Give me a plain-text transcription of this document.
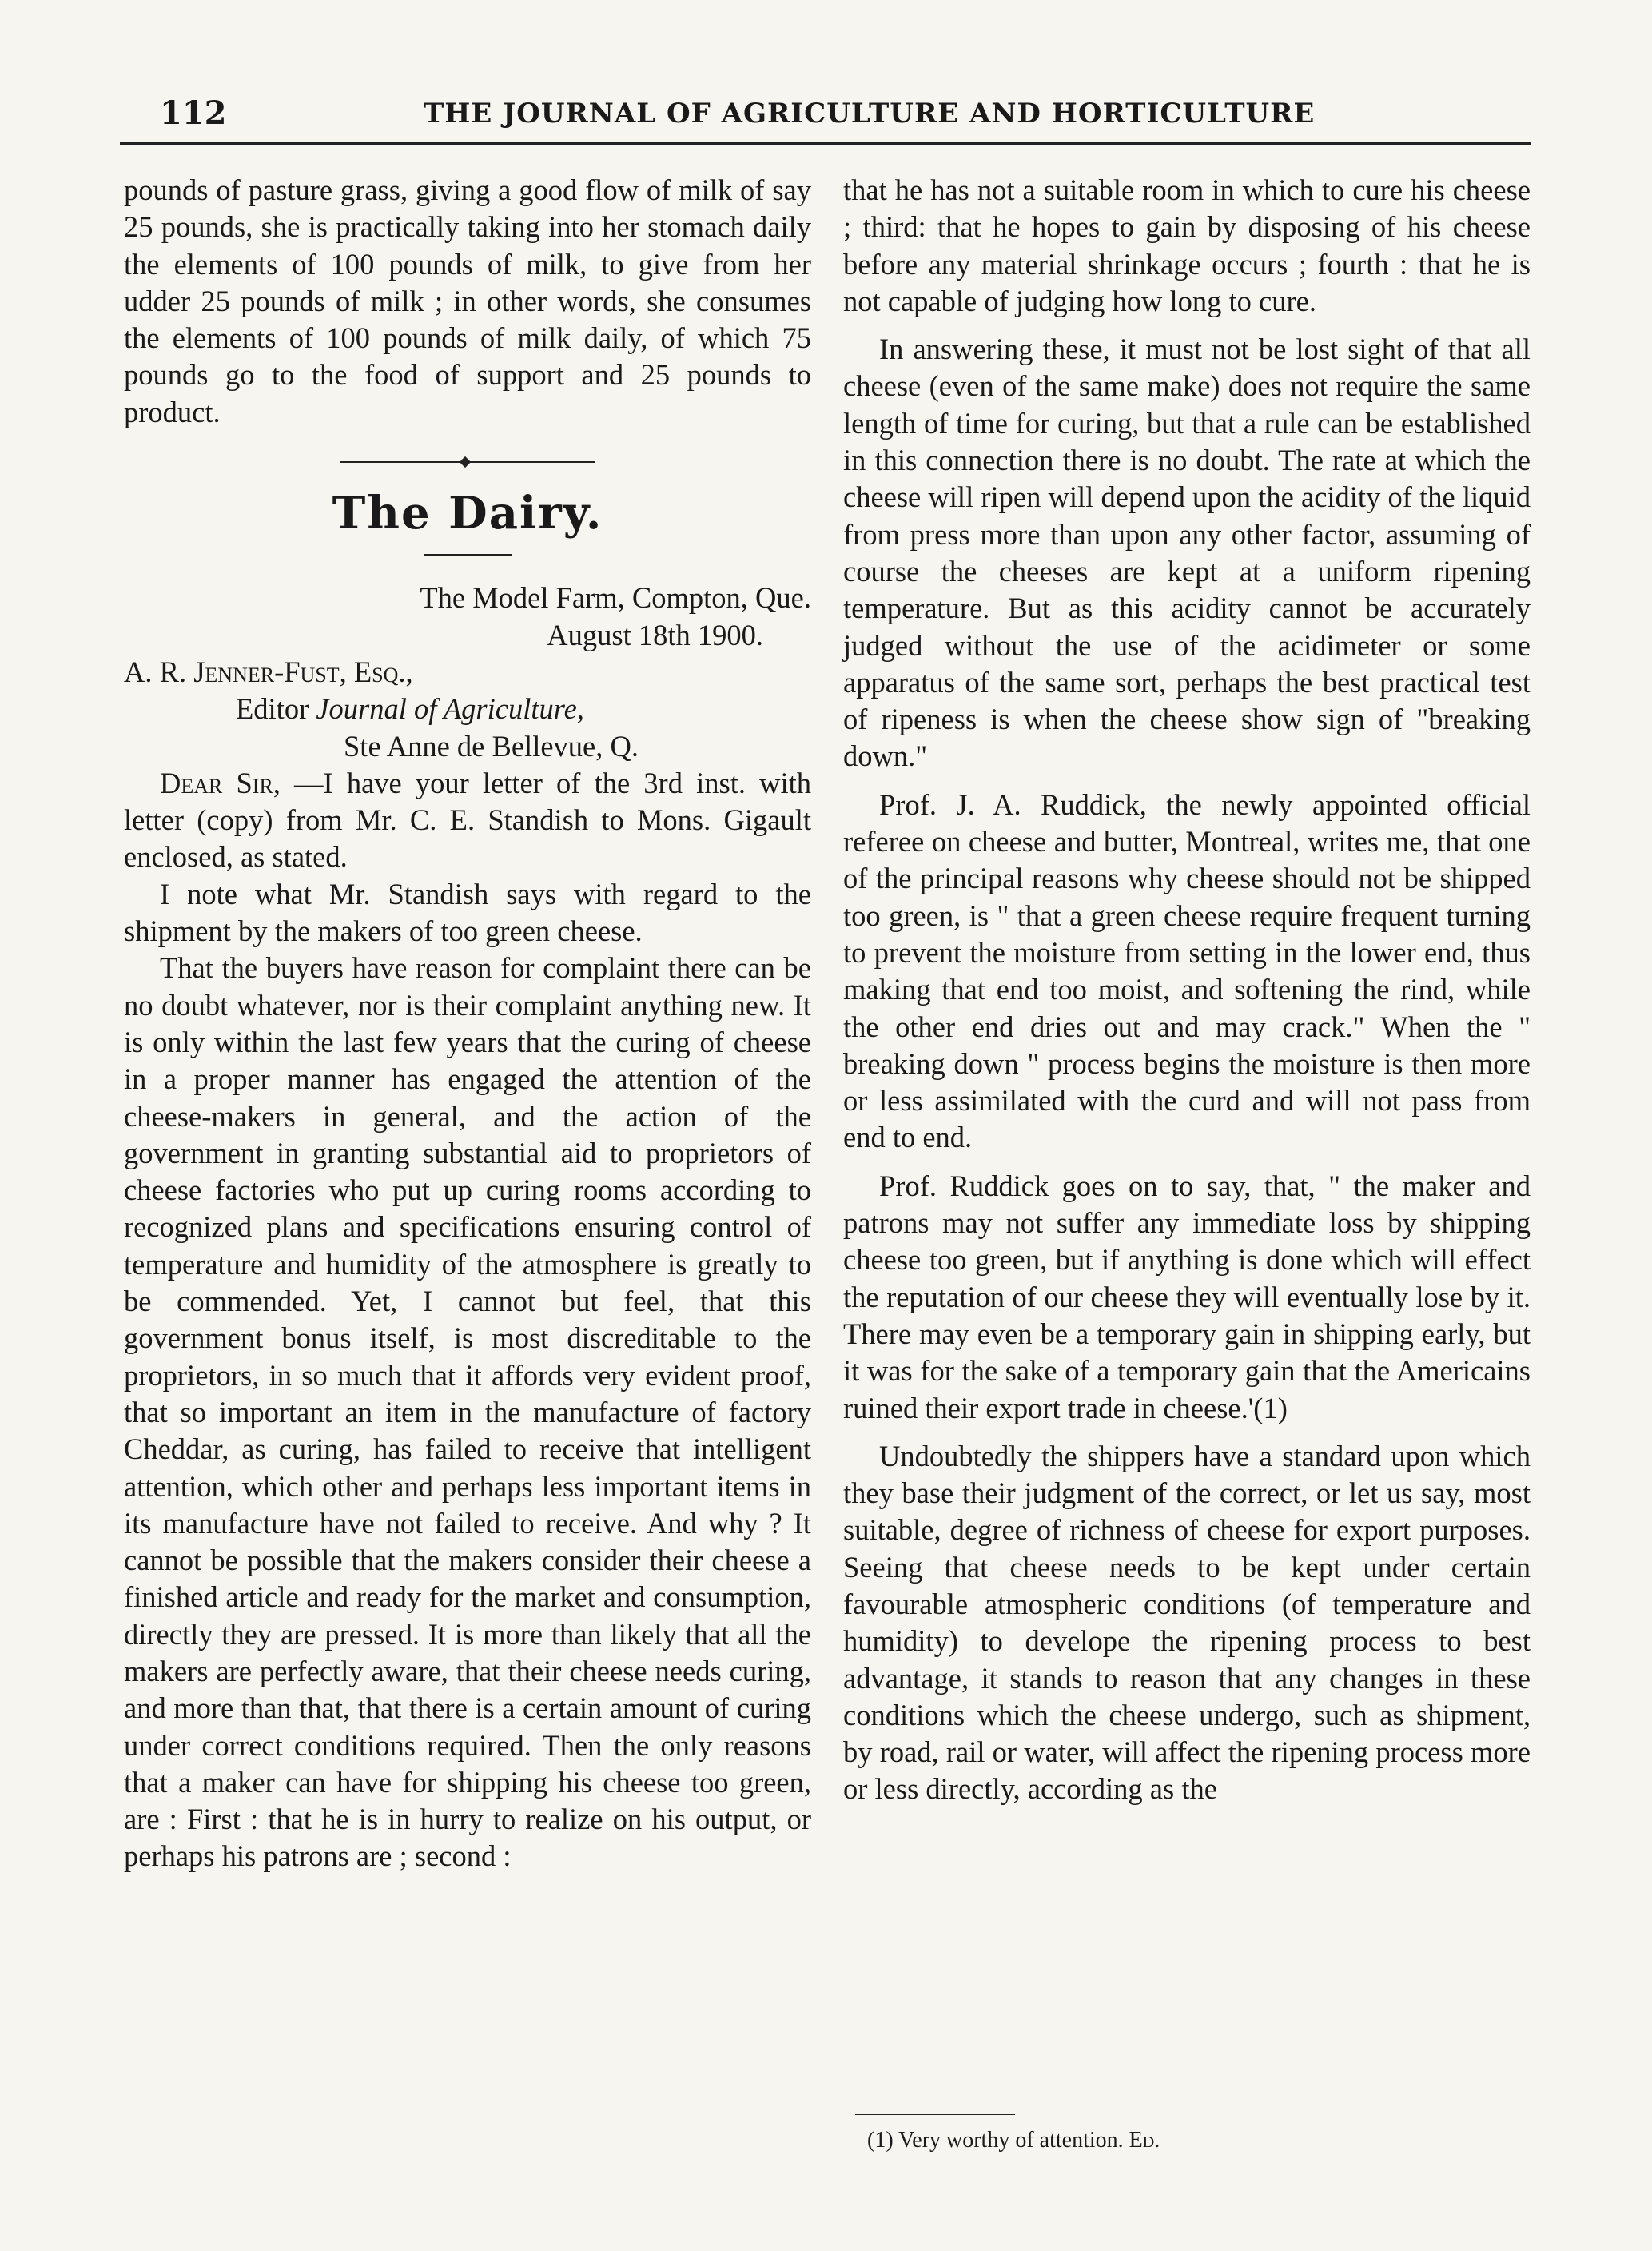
112	THE JOURNAL OF AGRICULTURE AND HORTICULTURE

pounds of pasture grass, giving a good flow of milk of say 25 pounds, she is practically taking into her stomach daily the elements of 100 pounds of milk, to give from her udder 25 pounds of milk ; in other words, she consumes the elements of 100 pounds of milk daily, of which 75 pounds go to the food of support and 25 pounds to product.

The Dairy.

The Model Farm, Compton, Que.

August 18th 1900.

A. R. Jenner-Fust, Esq.,
Editor Journal of Agriculture,
Ste Anne de Bellevue, Q.

Dear Sir, —I have your letter of the 3rd inst. with letter (copy) from Mr. C. E. Standish to Mons. Gigault enclosed, as stated.

I note what Mr. Standish says with regard to the shipment by the makers of too green cheese.

That the buyers have reason for complaint there can be no doubt whatever, nor is their complaint anything new. It is only within the last few years that the curing of cheese in a proper manner has engaged the attention of the cheese-makers in general, and the action of the government in granting substantial aid to proprietors of cheese factories who put up curing rooms according to recognized plans and specifications ensuring control of temperature and humidity of the atmosphere is greatly to be commended. Yet, I cannot but feel, that this government bonus itself, is most discreditable to the proprietors, in so much that it affords very evident proof, that so important an item in the manufacture of factory Cheddar, as curing, has failed to receive that intelligent attention, which other and perhaps less important items in its manufacture have not failed to receive. And why ? It cannot be possible that the makers consider their cheese a finished article and ready for the market and consumption, directly they are pressed. It is more than likely that all the makers are perfectly aware, that their cheese needs curing, and more than that, that there is a certain amount of curing under correct conditions required. Then the only reasons that a maker can have for shipping his cheese too green, are : First : that he is in hurry to realize on his output, or perhaps his patrons are ; second :

that he has not a suitable room in which to cure his cheese ; third: that he hopes to gain by disposing of his cheese before any material shrinkage occurs ; fourth : that he is not capable of judging how long to cure.

In answering these, it must not be lost sight of that all cheese (even of the same make) does not require the same length of time for curing, but that a rule can be established in this connection there is no doubt. The rate at which the cheese will ripen will depend upon the acidity of the liquid from press more than upon any other factor, assuming of course the cheeses are kept at a uniform ripening temperature. But as this acidity cannot be accurately judged without the use of the acidimeter or some apparatus of the same sort, perhaps the best practical test of ripeness is when the cheese show sign of "breaking down."

Prof. J. A. Ruddick, the newly appointed official referee on cheese and butter, Montreal, writes me, that one of the principal reasons why cheese should not be shipped too green, is " that a green cheese require frequent turning to prevent the moisture from setting in the lower end, thus making that end too moist, and softening the rind, while the other end dries out and may crack." When the " breaking down " process begins the moisture is then more or less assimilated with the curd and will not pass from end to end.

Prof. Ruddick goes on to say, that, " the maker and patrons may not suffer any immediate loss by shipping cheese too green, but if anything is done which will effect the reputation of our cheese they will eventually lose by it. There may even be a temporary gain in shipping early, but it was for the sake of a temporary gain that the Americains ruined their export trade in cheese.'(1)

Undoubtedly the shippers have a standard upon which they base their judgment of the correct, or let us say, most suitable, degree of richness of cheese for export purposes. Seeing that cheese needs to be kept under certain favourable atmospheric conditions (of temperature and humidity) to develope the ripening process to best advantage, it stands to reason that any changes in these conditions which the cheese undergo, such as shipment, by road, rail or water, will affect the ripening process more or less directly, according as the

(1) Very worthy of attention. Ed.
